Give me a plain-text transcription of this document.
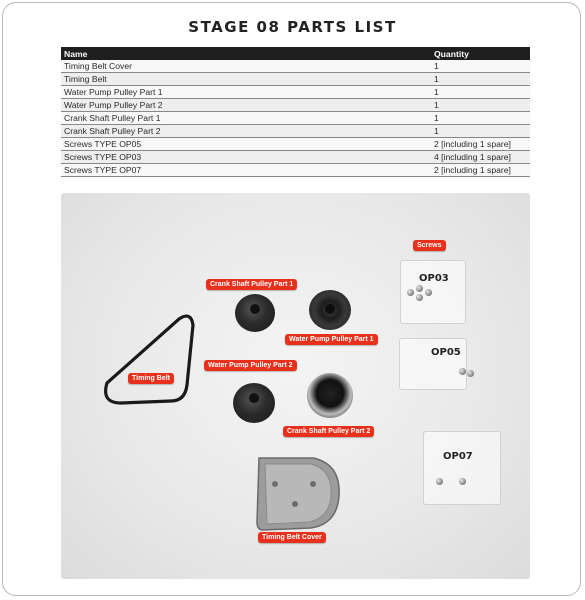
STAGE 08 PARTS LIST
Name	Quantity
Timing Belt Cover	1
Timing Belt	1
Water Pump Pulley Part 1	1
Water Pump Pulley Part 2	1
Crank Shaft Pulley Part 1	1
Crank Shaft Pulley Part 2	1
Screws TYPE OP05	2 [including 1 spare]
Screws TYPE OP03	4 [including 1 spare]
Screws TYPE OP07	2 [including 1 spare]
OP03
OP05
OP07
Screws
Crank Shaft Pulley Part 1
Water Pump Pulley Part 1
Timing Belt
Water Pump Pulley Part 2
Crank Shaft Pulley Part 2
Timing Belt Cover
